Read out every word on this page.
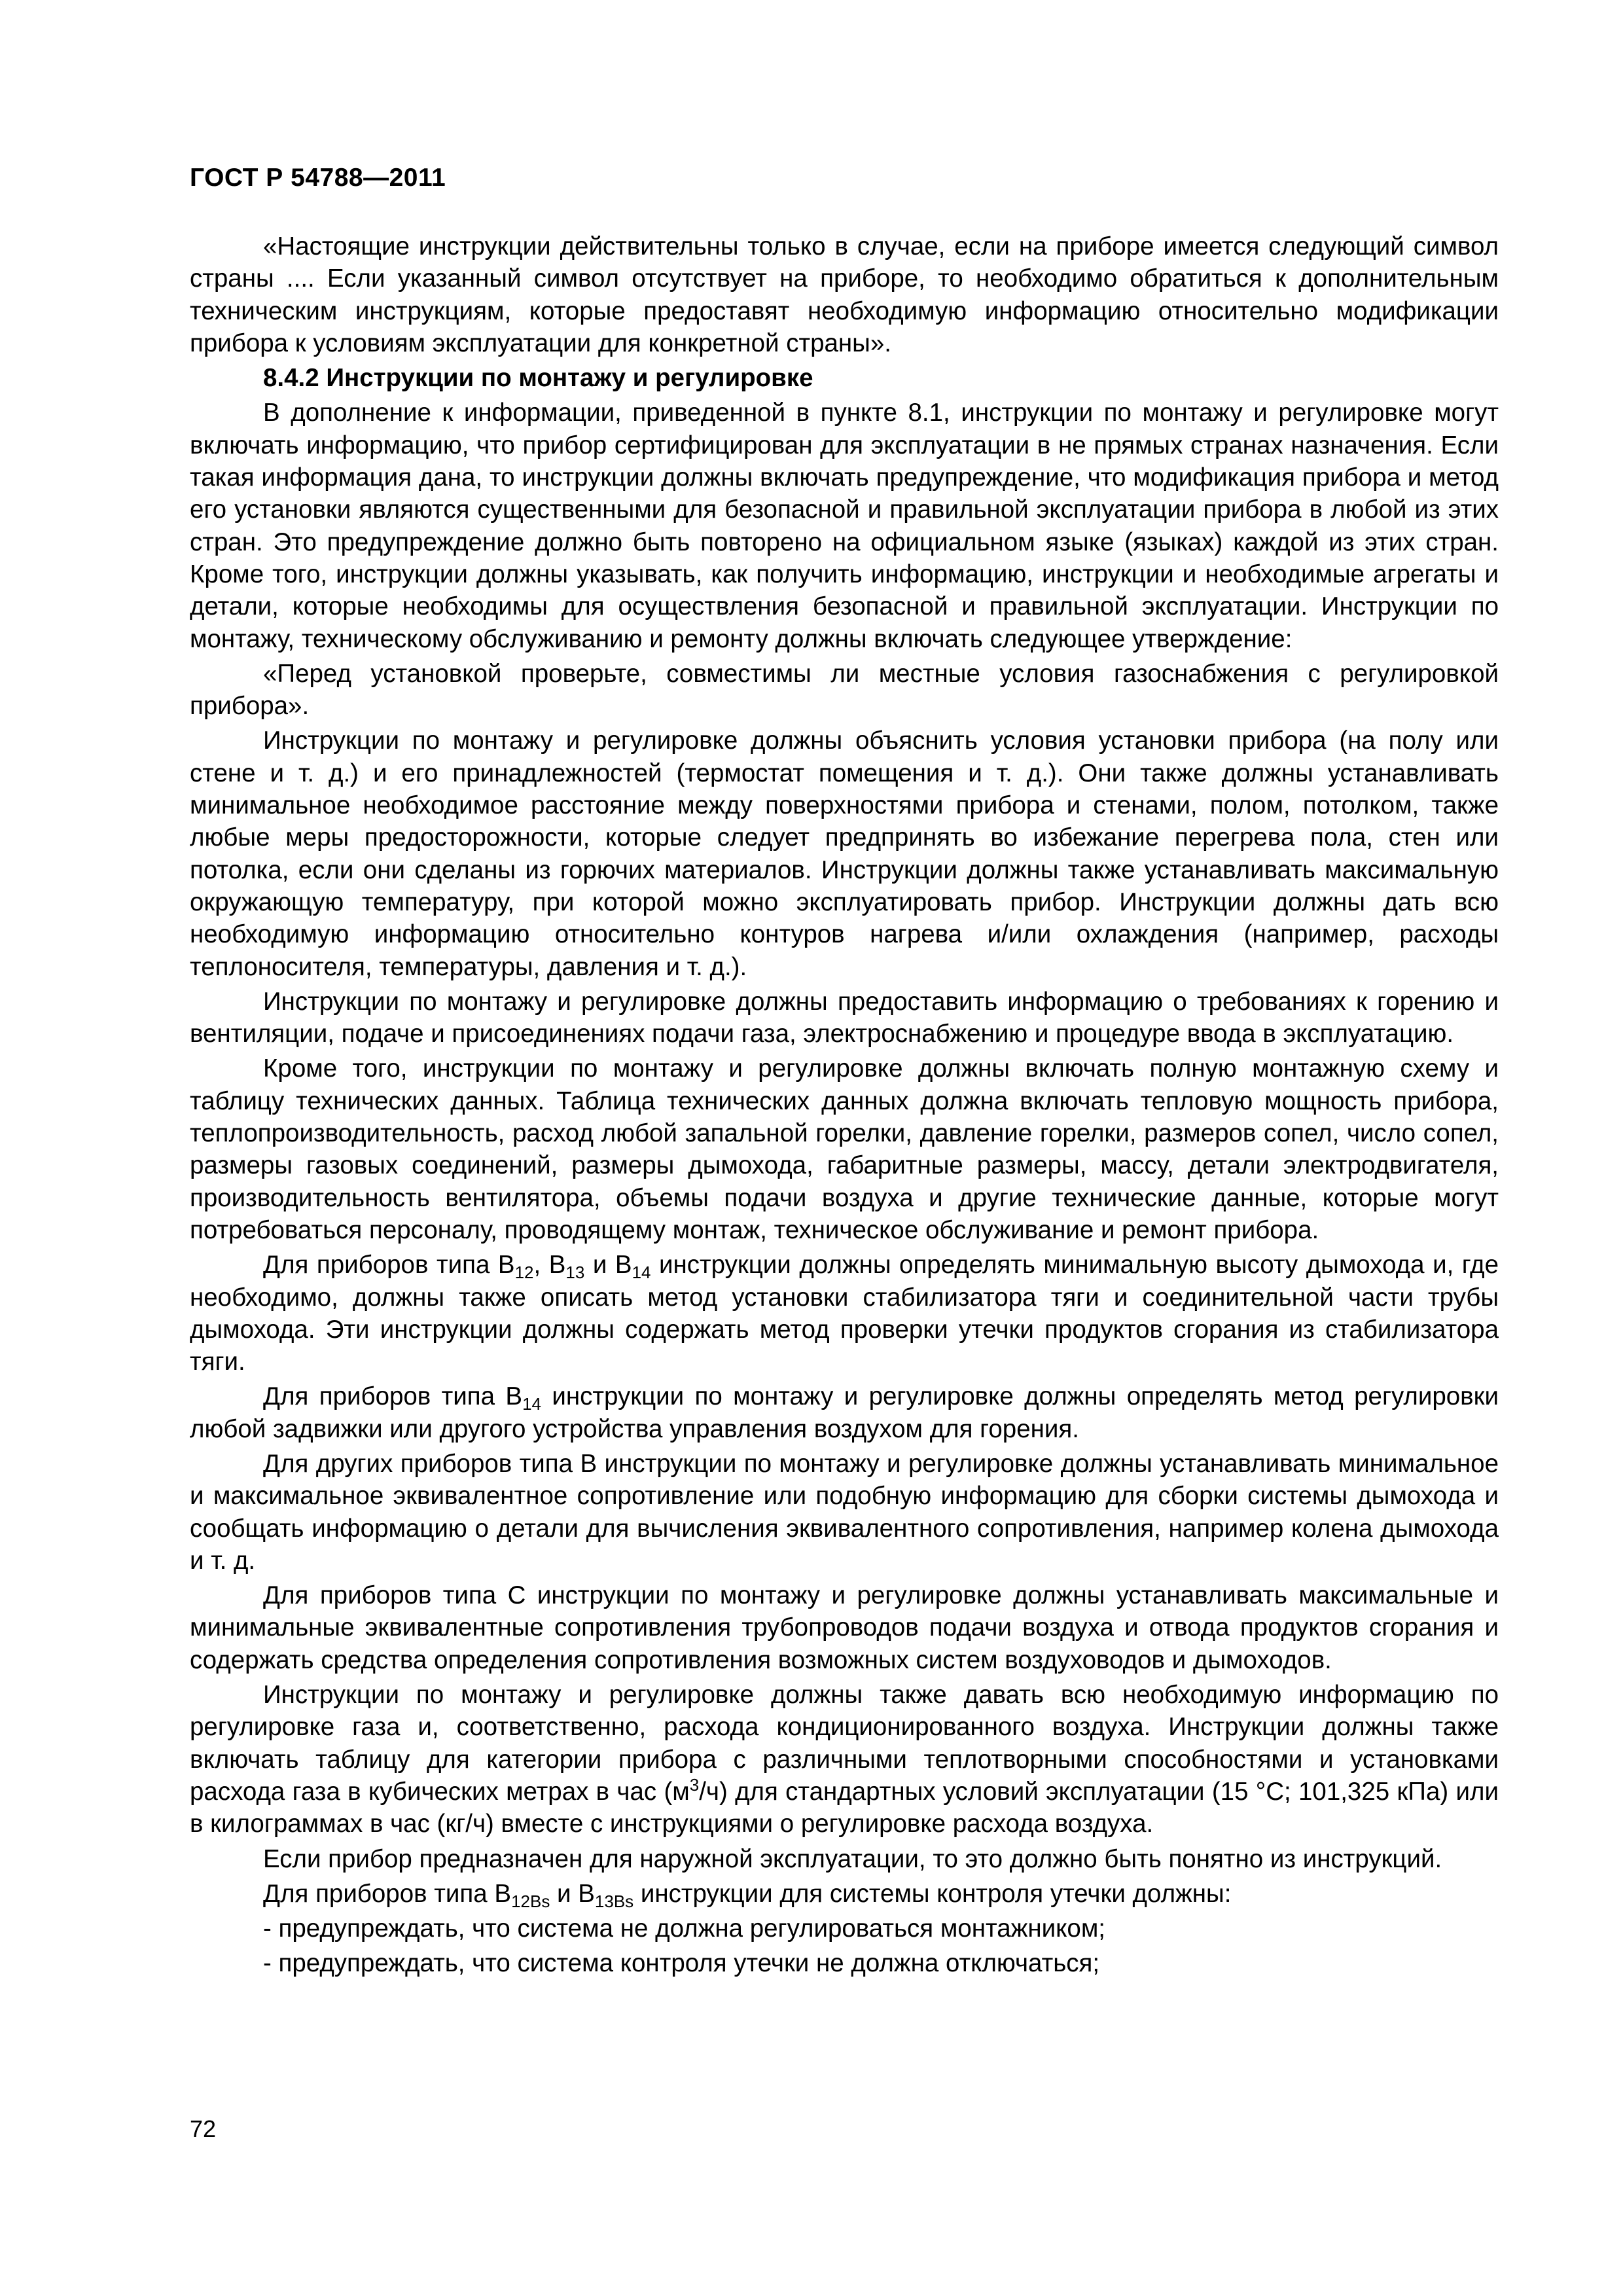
ГОСТ Р 54788—2011

«Настоящие инструкции действительны только в случае, если на приборе имеется следующий символ страны .... Если указанный символ отсутствует на приборе, то необходимо обратиться к дополнительным техническим инструкциям, которые предоставят необходимую информацию относительно модификации прибора к условиям эксплуатации для конкретной страны».

8.4.2 Инструкции по монтажу и регулировке

В дополнение к информации, приведенной в пункте 8.1, инструкции по монтажу и регулировке могут включать информацию, что прибор сертифицирован для эксплуатации в не прямых странах назначения. Если такая информация дана, то инструкции должны включать предупреждение, что модификация прибора и метод его установки являются существенными для безопасной и правильной эксплуатации прибора в любой из этих стран. Это предупреждение должно быть повторено на официальном языке (языках) каждой из этих стран. Кроме того, инструкции должны указывать, как получить информацию, инструкции и необходимые агрегаты и детали, которые необходимы для осуществления безопасной и правильной эксплуатации. Инструкции по монтажу, техническому обслуживанию и ремонту должны включать следующее утверждение:

«Перед установкой проверьте, совместимы ли местные условия газоснабжения с регулировкой прибора».

Инструкции по монтажу и регулировке должны объяснить условия установки прибора (на полу или стене и т. д.) и его принадлежностей (термостат помещения и т. д.). Они также должны устанавливать минимальное необходимое расстояние между поверхностями прибора и стенами, полом, потолком, также любые меры предосторожности, которые следует предпринять во избежание перегрева пола, стен или потолка, если они сделаны из горючих материалов. Инструкции должны также устанавливать максимальную окружающую температуру, при которой можно эксплуатировать прибор. Инструкции должны дать всю необходимую информацию относительно контуров нагрева и/или охлаждения (например, расходы теплоносителя, температуры, давления и т. д.).

Инструкции по монтажу и регулировке должны предоставить информацию о требованиях к горению и вентиляции, подаче и присоединениях подачи газа, электроснабжению и процедуре ввода в эксплуатацию.

Кроме того, инструкции по монтажу и регулировке должны включать полную монтажную схему и таблицу технических данных. Таблица технических данных должна включать тепловую мощность прибора, теплопроизводительность, расход любой запальной горелки, давление горелки, размеров сопел, число сопел, размеры газовых соединений, размеры дымохода, габаритные размеры, массу, детали электродвигателя, производительность вентилятора, объемы подачи воздуха и другие технические данные, которые могут потребоваться персоналу, проводящему монтаж, техническое обслуживание и ремонт прибора.

Для приборов типа $B_{12}$, $B_{13}$ и $B_{14}$ инструкции должны определять минимальную высоту дымохода и, где необходимо, должны также описать метод установки стабилизатора тяги и соединительной части трубы дымохода. Эти инструкции должны содержать метод проверки утечки продуктов сгорания из стабилизатора тяги.

Для приборов типа $B_{14}$ инструкции по монтажу и регулировке должны определять метод регулировки любой задвижки или другого устройства управления воздухом для горения.

Для других приборов типа B инструкции по монтажу и регулировке должны устанавливать минимальное и максимальное эквивалентное сопротивление или подобную информацию для сборки системы дымохода и сообщать информацию о детали для вычисления эквивалентного сопротивления, например колена дымохода и т. д.

Для приборов типа C инструкции по монтажу и регулировке должны устанавливать максимальные и минимальные эквивалентные сопротивления трубопроводов подачи воздуха и отвода продуктов сгорания и содержать средства определения сопротивления возможных систем воздуховодов и дымоходов.

Инструкции по монтажу и регулировке должны также давать всю необходимую информацию по регулировке газа и, соответственно, расхода кондиционированного воздуха. Инструкции должны также включать таблицу для категории прибора с различными теплотворными способностями и установками расхода газа в кубических метрах в час $(м^3/ч)$ для стандартных условий эксплуатации (15 °C; 101,325 кПа) или в килограммах в час (кг/ч) вместе с инструкциями о регулировке расхода воздуха.

Если прибор предназначен для наружной эксплуатации, то это должно быть понятно из инструкций.

Для приборов типа $B_{12Bs}$ и $B_{13Bs}$ инструкции для системы контроля утечки должны:

- предупреждать, что система не должна регулироваться монтажником;

- предупреждать, что система контроля утечки не должна отключаться;

72
